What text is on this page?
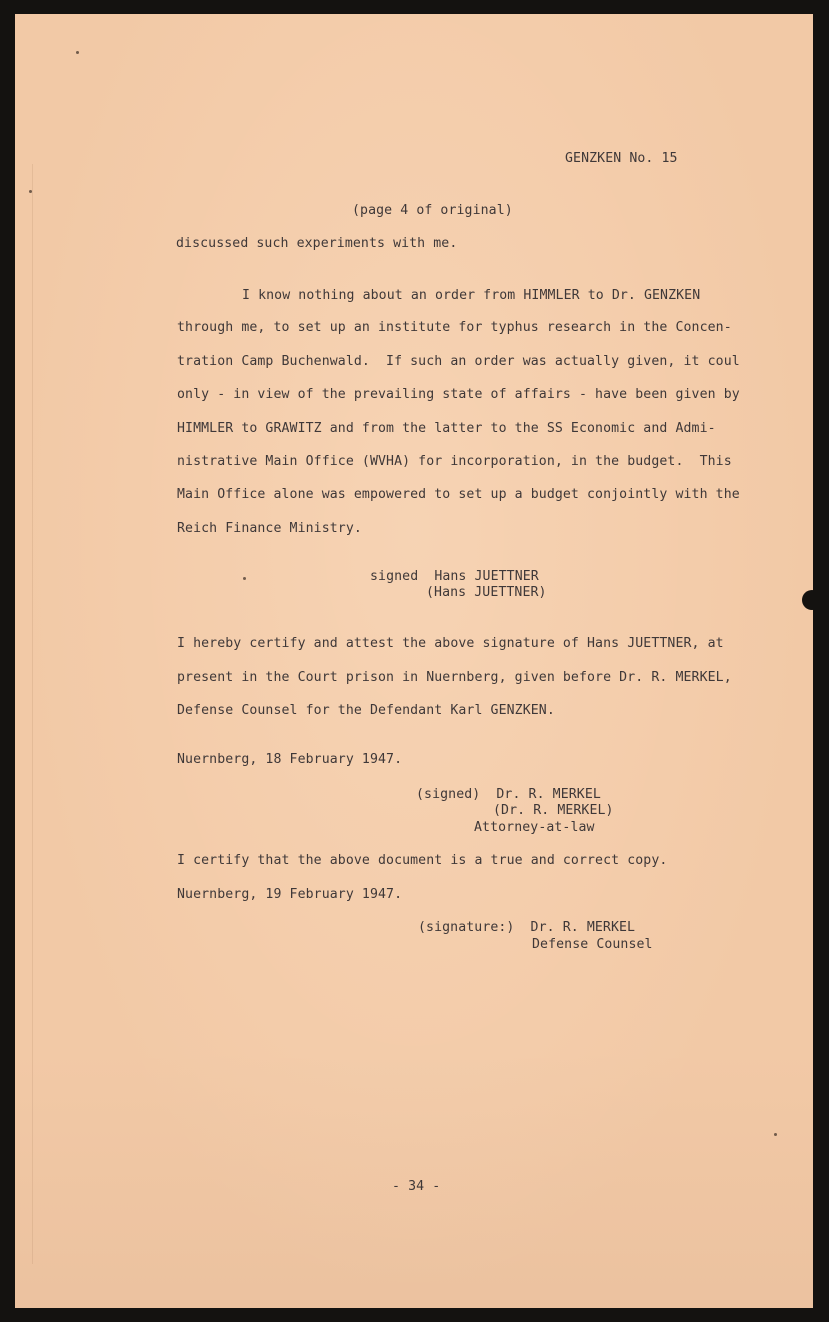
GENZKEN No. 15
(page 4 of original)
discussed such experiments with me.
I know nothing about an order from HIMMLER to Dr. GENZKEN
through me, to set up an institute for typhus research in the Concen-
tration Camp Buchenwald.  If such an order was actually given, it coul
only - in view of the prevailing state of affairs - have been given by
HIMMLER to GRAWITZ and from the latter to the SS Economic and Admi-
nistrative Main Office (WVHA) for incorporation, in the budget.  This
Main Office alone was empowered to set up a budget conjointly with the
Reich Finance Ministry.
signed  Hans JUETTNER
(Hans JUETTNER)
I hereby certify and attest the above signature of Hans JUETTNER, at
present in the Court prison in Nuernberg, given before Dr. R. MERKEL,
Defense Counsel for the Defendant Karl GENZKEN.
Nuernberg, 18 February 1947.
(signed)  Dr. R. MERKEL
(Dr. R. MERKEL)
Attorney-at-law
I certify that the above document is a true and correct copy.
Nuernberg, 19 February 1947.
(signature:)  Dr. R. MERKEL
Defense Counsel
- 34 -
